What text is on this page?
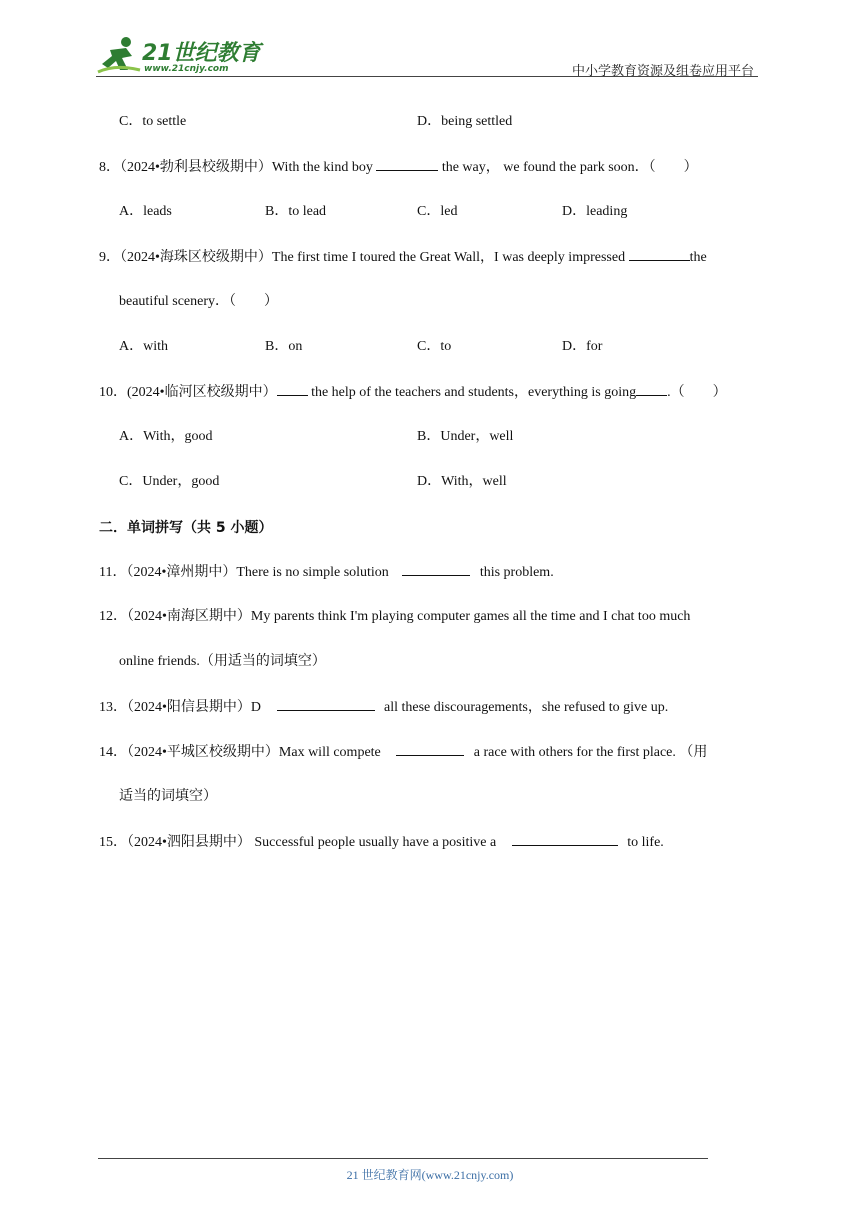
21世纪教育
www.21cnjy.com	中小学教育资源及组卷应用平台
C．to settle	D．being settled
8．（2024•勃利县校级期中）With the kind boy	the way， we found the park soon．（　　）
A．leads	B．to lead	C．led	D．leading
9．（2024•海珠区校级期中）The first time I toured the Great Wall，I was deeply impressed	the
beautiful scenery．（　　）
A．with	B．on	C．to	D．for
10．(2024•临河区校级期中） the help of the teachers and students，everything is going .（　　）
A．With，good	B．Under，well
C．Under，good	D．With，well
二．单词拼写（共 5 小题）
11．（2024•漳州期中）There is no simple solution	this problem.
12．（2024•南海区期中）My parents think I'm playing computer games all the time and I chat too much
online friends.（用适当的词填空）
13．（2024•阳信县期中）D	all these discouragements，she refused to give up.
14．（2024•平城区校级期中）Max will compete	a race with others for the first place. （用
适当的词填空）
15．（2024•泗阳县期中） Successful people usually have a positive a	to life.
21 世纪教育网(www.21cnjy.com)
